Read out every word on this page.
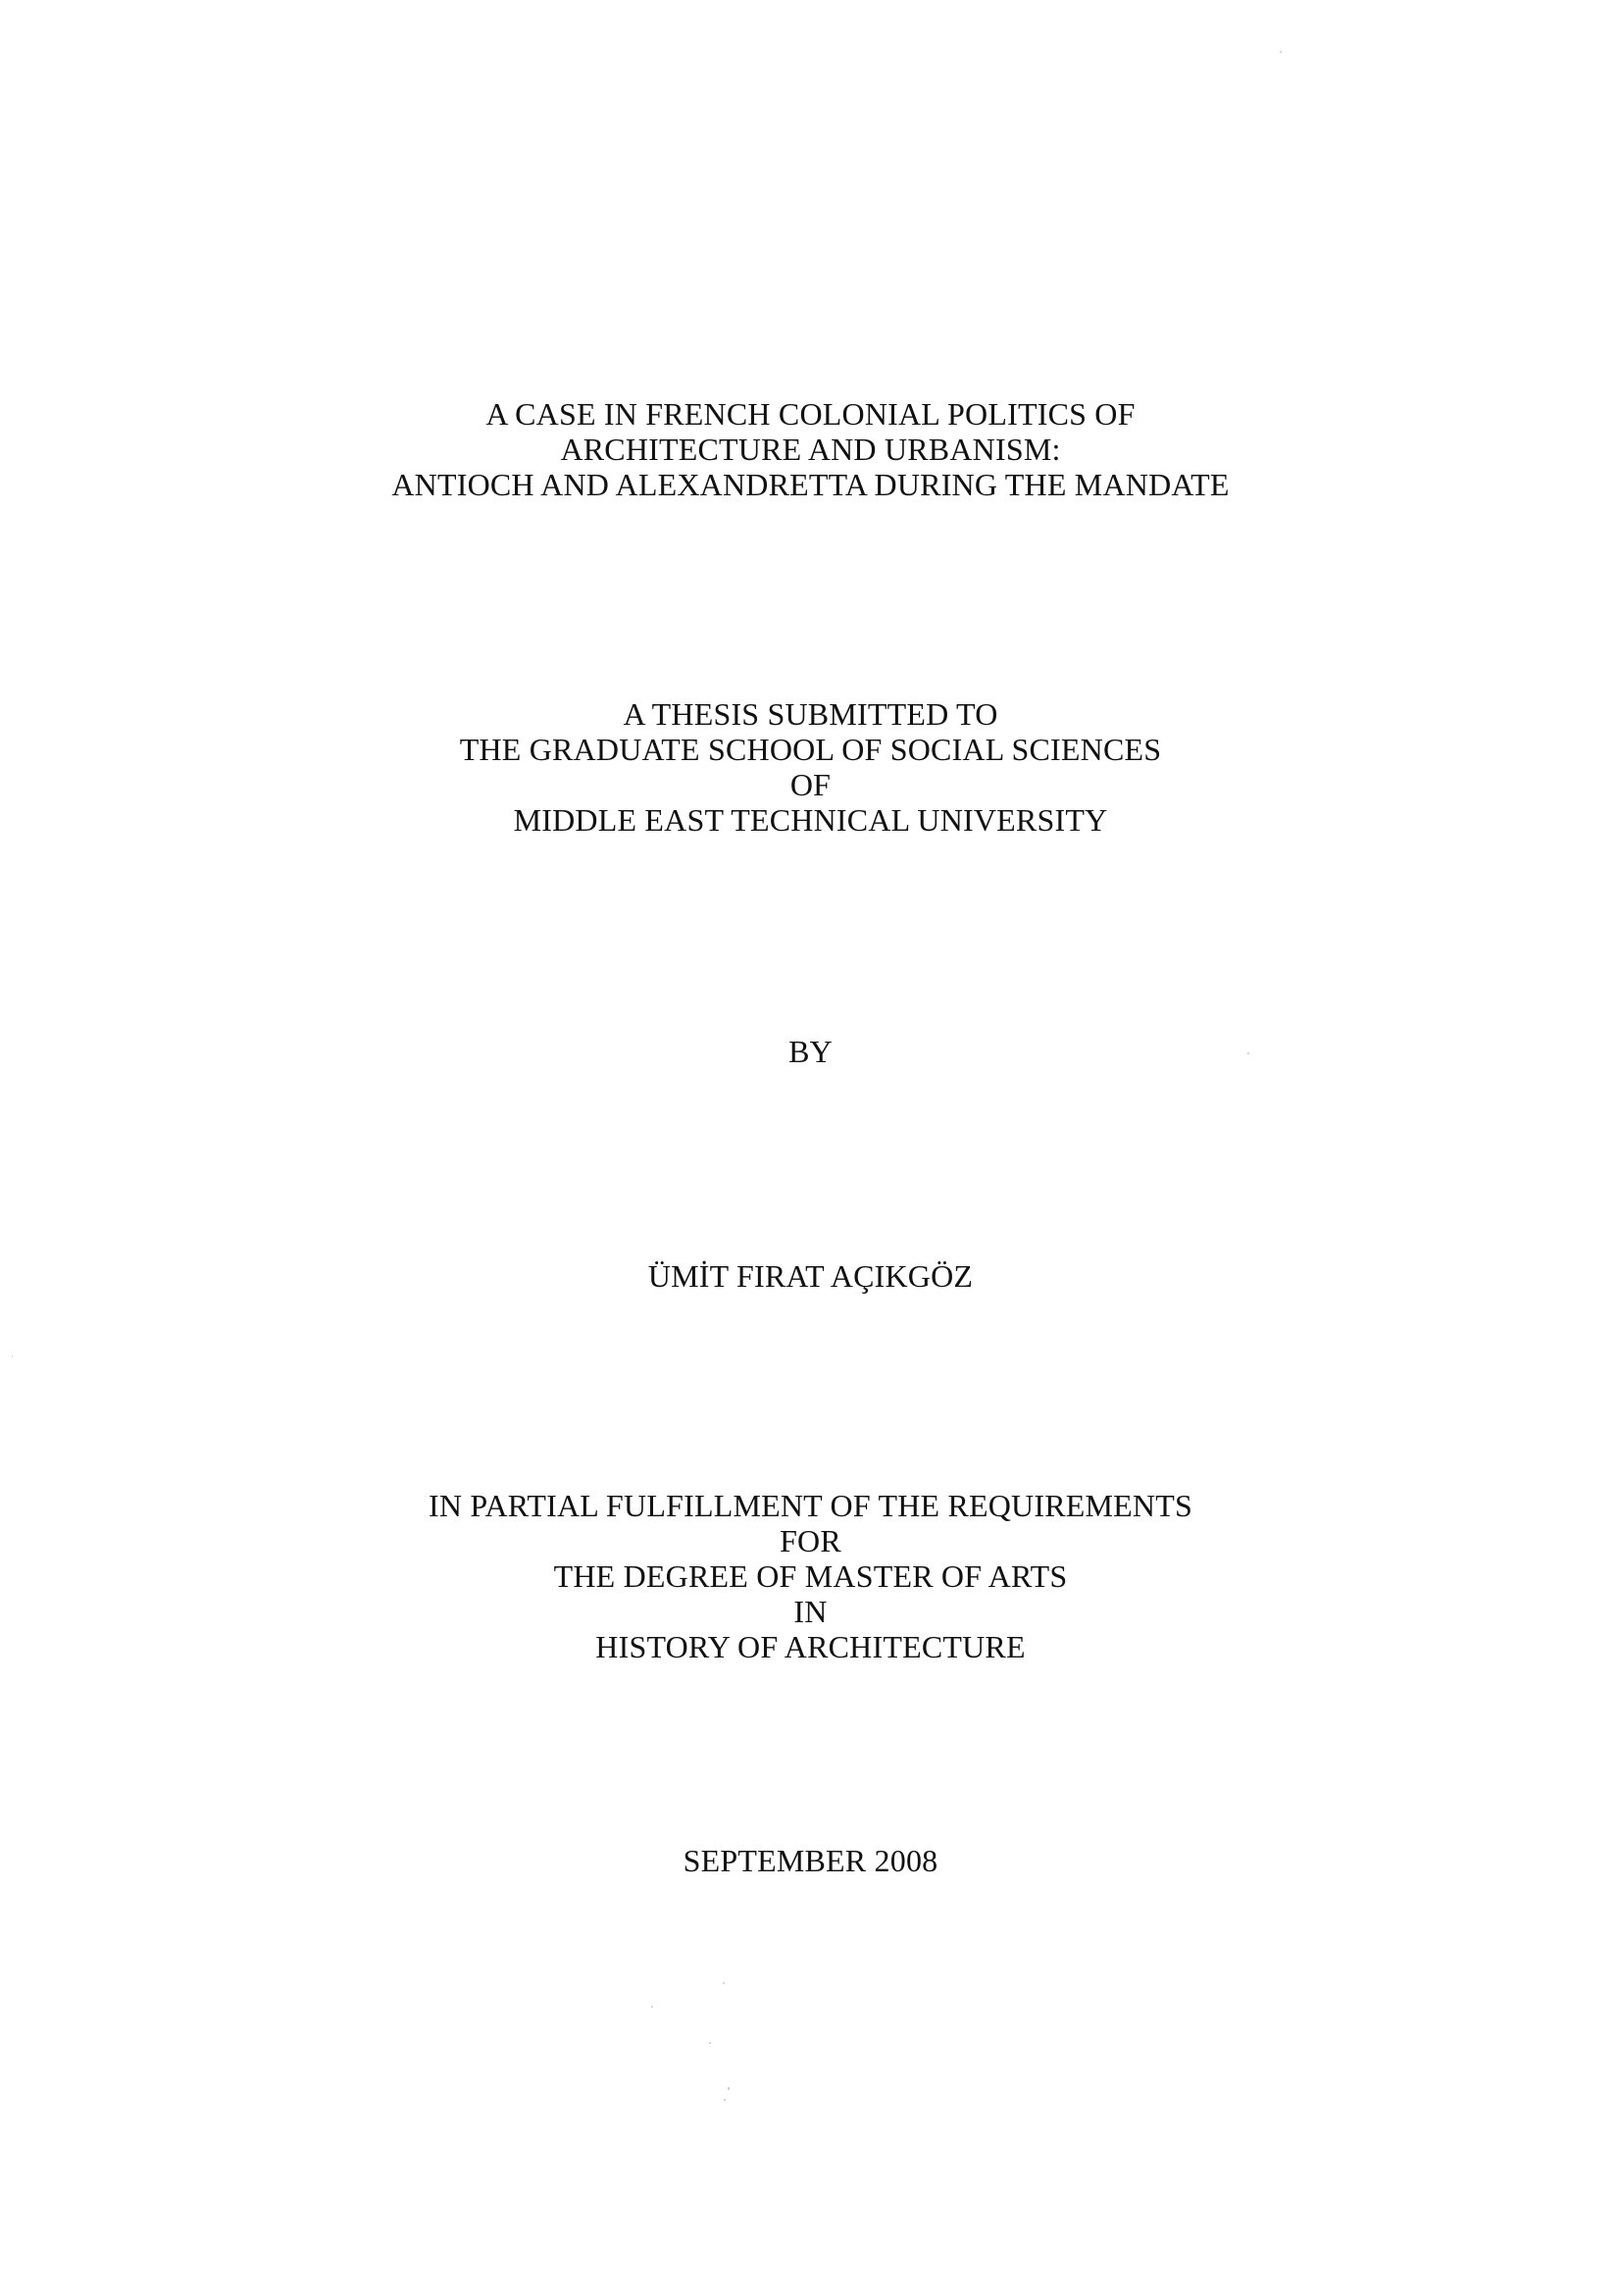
A CASE IN FRENCH COLONIAL POLITICS OF
ARCHITECTURE AND URBANISM:
ANTIOCH AND ALEXANDRETTA DURING THE MANDATE
A THESIS SUBMITTED TO
THE GRADUATE SCHOOL OF SOCIAL SCIENCES
OF
MIDDLE EAST TECHNICAL UNIVERSITY
BY
ÜMİT FIRAT AÇIKGÖZ
IN PARTIAL FULFILLMENT OF THE REQUIREMENTS
FOR
THE DEGREE OF MASTER OF ARTS
IN
HISTORY OF ARCHITECTURE
SEPTEMBER 2008
